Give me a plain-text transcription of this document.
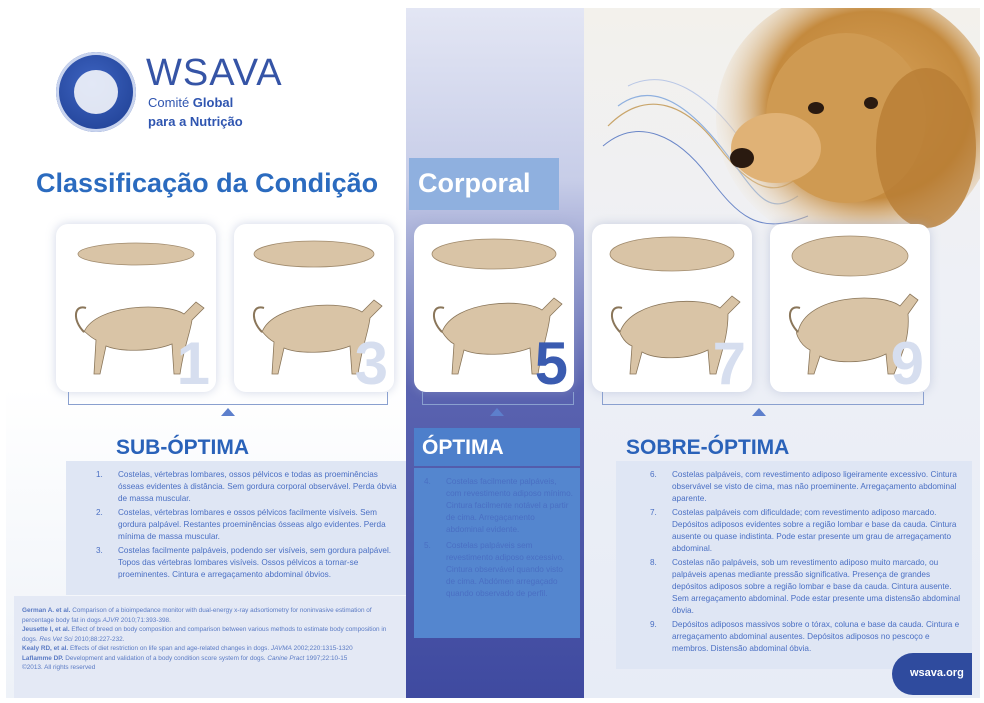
WSAVA
Comité Global
para a Nutrição
Classificação da Condição Corporal
1 3 5 7 9
SUB-ÓPTIMA	ÓPTIMA	SOBRE-ÓPTIMA
1. Costelas, vértebras lombares, ossos pélvicos e todas as proeminências ósseas evidentes à distância. Sem gordura corporal observável. Perda óbvia de massa muscular.
2. Costelas, vértebras lombares e ossos pélvicos facilmente visíveis. Sem gordura palpável. Restantes proeminências ósseas algo evidentes. Perda mínima de massa muscular.
3. Costelas facilmente palpáveis, podendo ser visíveis, sem gordura palpável. Topos das vértebras lombares visíveis. Ossos pélvicos a tornar-se proeminentes. Cintura e arregaçamento abdominal óbvios.
4. Costelas facilmente palpáveis, com revestimento adiposo mínimo. Cintura facilmente notável a partir de cima. Arregaçamento abdominal evidente.
5. Costelas palpáveis sem revestimento adiposo excessivo. Cintura observável quando visto de cima. Abdómen arregaçado quando observado de perfil.
6. Costelas palpáveis, com revestimento adiposo ligeiramente excessivo. Cintura observável se visto de cima, mas não proeminente. Arregaçamento abdominal aparente.
7. Costelas palpáveis com dificuldade; com revestimento adiposo marcado. Depósitos adiposos evidentes sobre a região lombar e base da cauda. Cintura ausente ou quase indistinta. Pode estar presente um grau de arregaçamento abdominal.
8. Costelas não palpáveis, sob um revestimento adiposo muito marcado, ou palpáveis apenas mediante pressão significativa. Presença de grandes depósitos adiposos sobre a região lombar e base da cauda. Cintura ausente. Sem arregaçamento abdominal. Pode estar presente uma distensão abdominal óbvia.
9. Depósitos adiposos massivos sobre o tórax, coluna e base da cauda. Cintura e arregaçamento abdominal ausentes. Depósitos adiposos no pescoço e membros. Distensão abdominal óbvia.

German A. et al. Comparison of a bioimpedance monitor with dual-energy x-ray adsortiometry for noninvasive estimation of percentage body fat in dogs AJVR 2010;71:393-398.

Jeusette I, et al. Effect of breed on body composition and comparison between various methods to estimate body composition in dogs. Res Vet Sci 2010;88:227-232.

Kealy RD, et al. Effects of diet restriction on life span and age-related changes in dogs. JAVMA 2002;220:1315-1320

Laflamme DP. Development and validation of a body condition score system for dogs. Canine Pract 1997;22:10-15

©2013. All rights reserved	wsava.org
